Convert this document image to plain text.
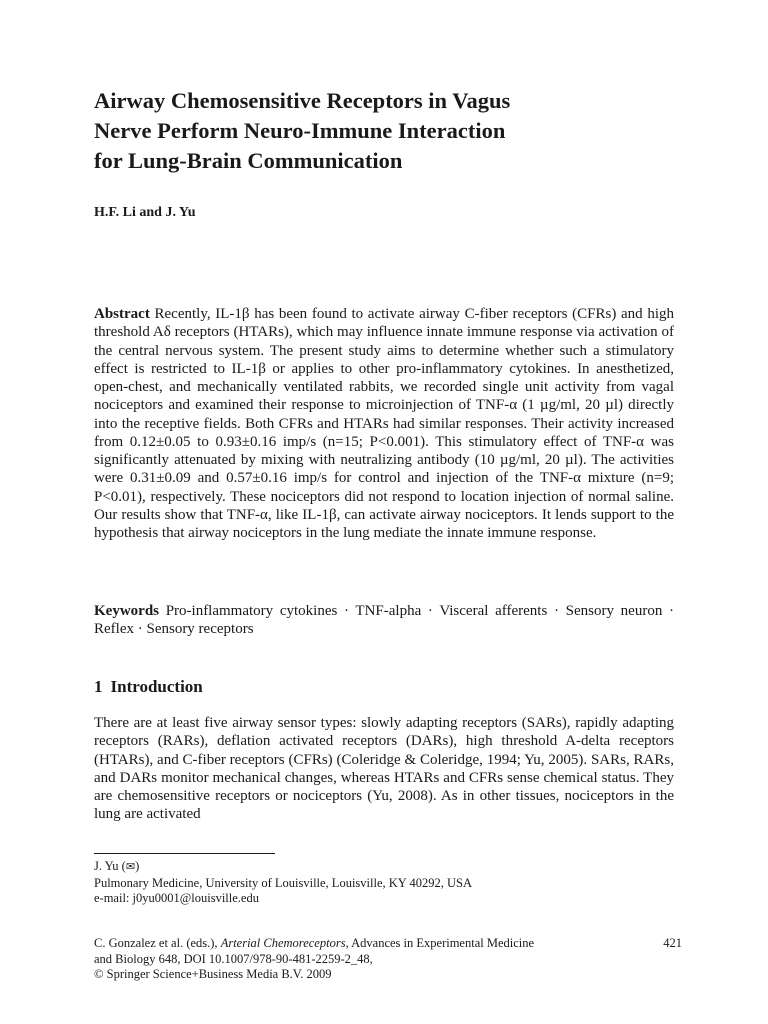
Airway Chemosensitive Receptors in Vagus
Nerve Perform Neuro-Immune Interaction
for Lung-Brain Communication
H.F. Li and J. Yu

Abstract Recently, IL-1β has been found to activate airway C-fiber receptors (CFRs) and high threshold Aδ receptors (HTARs), which may influence innate immune response via activation of the central nervous system. The present study aims to determine whether such a stimulatory effect is restricted to IL-1β or applies to other pro-inflammatory cytokines. In anesthetized, open-chest, and mechanically ventilated rabbits, we recorded single unit activity from vagal nociceptors and examined their response to microinjection of TNF-α (1 µg/ml, 20 µl) directly into the receptive fields. Both CFRs and HTARs had similar responses. Their activity increased from 0.12±0.05 to 0.93±0.16 imp/s (n=15; P<0.001). This stimulatory effect of TNF-α was significantly attenuated by mixing with neutralizing antibody (10 µg/ml, 20 µl). The activities were 0.31±0.09 and 0.57±0.16 imp/s for control and injection of the TNF-α mixture (n=9; P<0.01), respectively. These nociceptors did not respond to location injection of normal saline. Our results show that TNF-α, like IL-1β, can activate airway nociceptors. It lends support to the hypothesis that airway nociceptors in the lung mediate the innate immune response.

Keywords Pro-inflammatory cytokines · TNF-alpha · Visceral afferents · Sensory neuron · Reflex · Sensory receptors

1 Introduction

There are at least five airway sensor types: slowly adapting receptors (SARs), rapidly adapting receptors (RARs), deflation activated receptors (DARs), high threshold A-delta receptors (HTARs), and C-fiber receptors (CFRs) (Coleridge & Coleridge, 1994; Yu, 2005). SARs, RARs, and DARs monitor mechanical changes, whereas HTARs and CFRs sense chemical status. They are chemosensitive receptors or nociceptors (Yu, 2008). As in other tissues, nociceptors in the lung are activated

J. Yu (✉)
Pulmonary Medicine, University of Louisville, Louisville, KY 40292, USA
e-mail: j0yu0001@louisville.edu
C. Gonzalez et al. (eds.), Arterial Chemoreceptors, Advances in Experimental Medicine
and Biology 648, DOI 10.1007/978-90-481-2259-2_48,
© Springer Science+Business Media B.V. 2009
421
